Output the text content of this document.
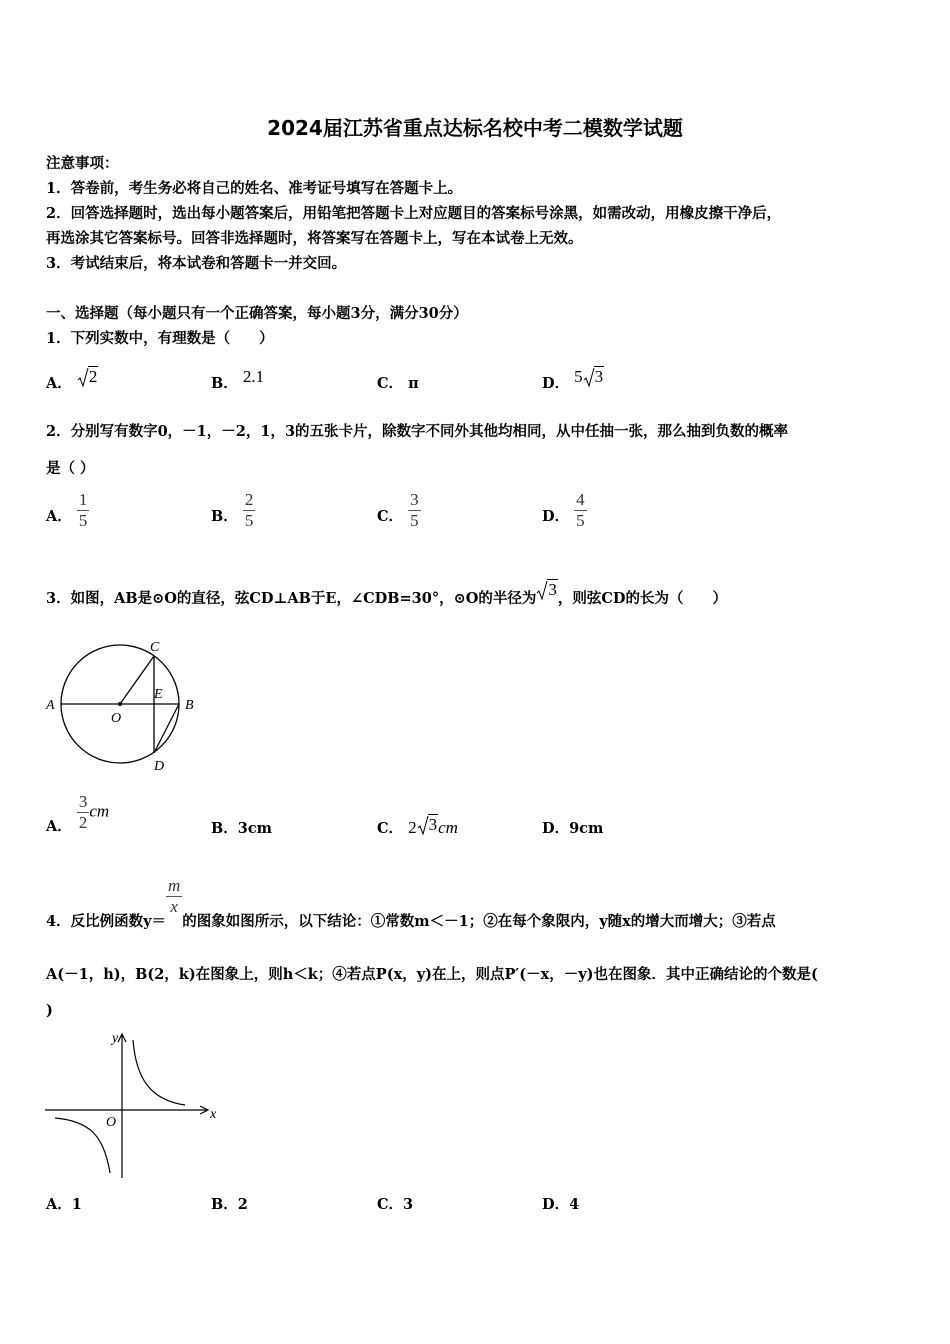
2024届江苏省重点达标名校中考二模数学试题
注意事项：
1．答卷前，考生务必将自己的姓名、准考证号填写在答题卡上。
2．回答选择题时，选出每小题答案后，用铅笔把答题卡上对应题目的答案标号涂黑，如需改动，用橡皮擦干净后，
再选涂其它答案标号。回答非选择题时，将答案写在答题卡上，写在本试卷上无效。
3．考试结束后，将本试卷和答题卡一并交回。
一、选择题（每小题只有一个正确答案，每小题3分，满分30分）
1．下列实数中，有理数是（　　）
A． 2	B． 2.1	C． π	D． 5 3
2．分别写有数字0，－1，－2，1，3的五张卡片，除数字不同外其他均相同，从中任抽一张，那么抽到负数的概率
是（ ）
A． $\frac{1}{5}$	B． $\frac{2}{5}$	C． $\frac{3}{5}$	D． $\frac{4}{5}$
3．如图，AB是⊙O的直径，弦CD⊥AB于E，∠CDB=30°，⊙O的半径为 3，则弦CD的长为（　　）
A	B
C
D
E
O
A． $\frac{3}{2}$ cm
B．3cm	C． 2 3cm	D．9cm
4．反比例函数y＝
$\frac{m}{x}$
的图象如图所示，以下结论：①常数m＜－1；②在每个象限内，y随x的增大而增大；③若点
A(－1，h)，B(2，k)在图象上，则h＜k；④若点P(x，y)在上，则点P′(－x，－y)也在图象．其中正确结论的个数是(
)
x
y
O
A．1	B．2	C．3	D．4
